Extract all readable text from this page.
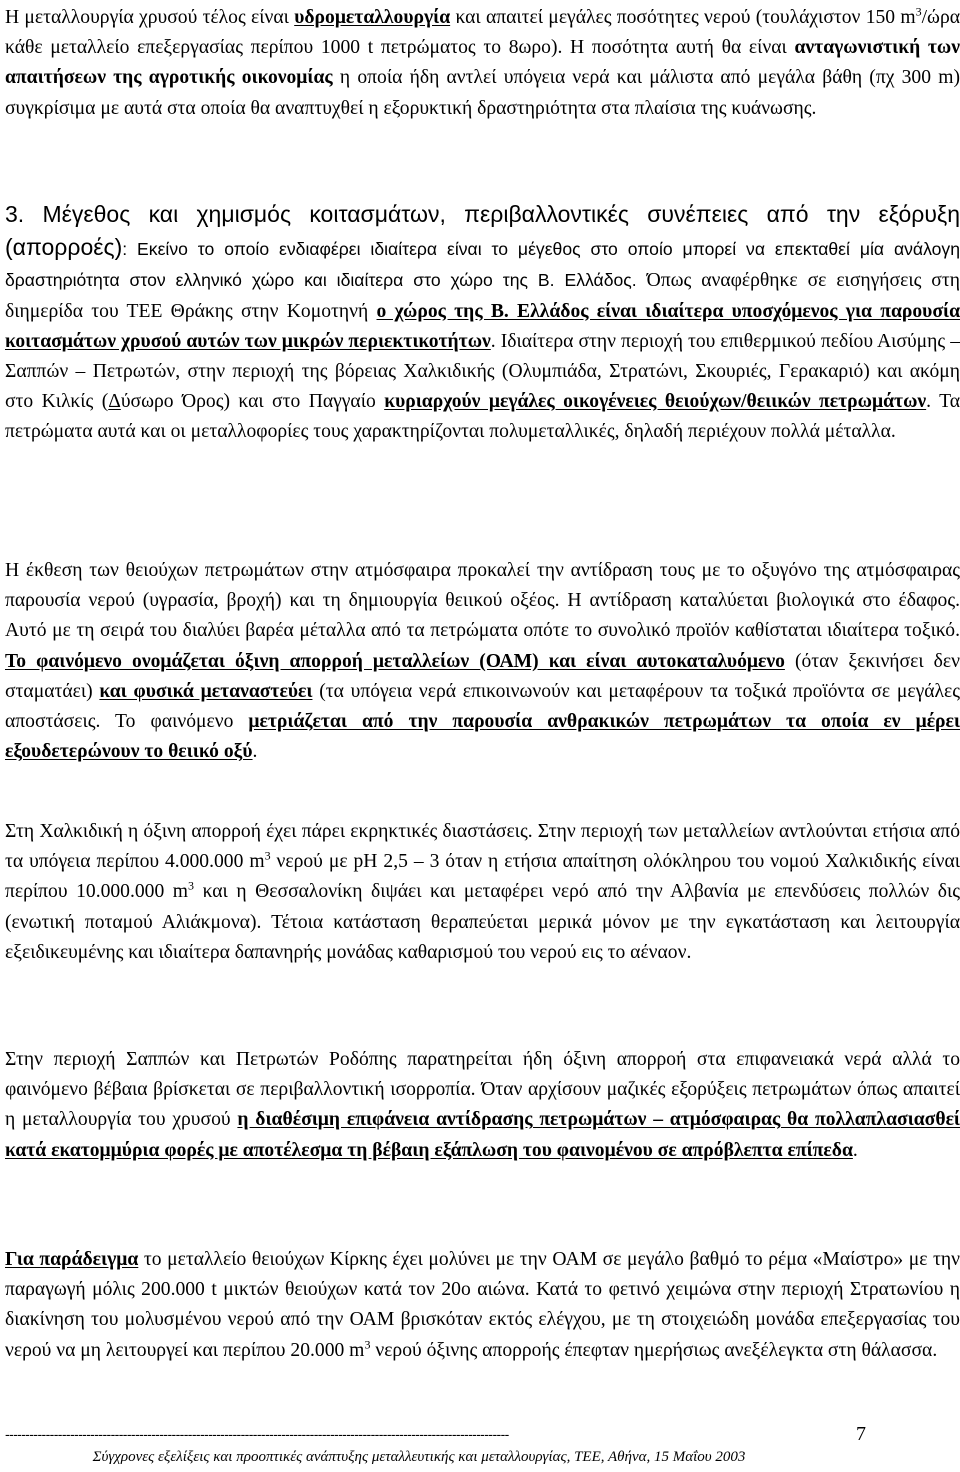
Η μεταλλουργία χρυσού τέλος είναι υδρομεταλλουργία και απαιτεί μεγάλες ποσότητες νερού (τουλάχιστον 150 $m^3$/ώρα κάθε μεταλλείο επεξεργασίας περίπου 1000 t πετρώματος το 8ωρο). Η ποσότητα αυτή θα είναι ανταγωνιστική των απαιτήσεων της αγροτικής οικονομίας η οποία ήδη αντλεί υπόγεια νερά και μάλιστα από μεγάλα βάθη (πχ 300 m) συγκρίσιμα με αυτά στα οποία θα αναπτυχθεί η εξορυκτική δραστηριότητα στα πλαίσια της κυάνωσης.

3. Μέγεθος και χημισμός κοιτασμάτων, περιβαλλοντικές συνέπειες από την εξόρυξη (απορροές): Εκείνο το οποίο ενδιαφέρει ιδιαίτερα είναι το μέγεθος στο οποίο μπορεί να επεκταθεί μία ανάλογη δραστηριότητα στον ελληνικό χώρο και ιδιαίτερα στο χώρο της Β. Ελλάδος. Όπως αναφέρθηκε σε εισηγήσεις στη διημερίδα του ΤΕΕ Θράκης στην Κομοτηνή ο χώρος της Β. Ελλάδος είναι ιδιαίτερα υποσχόμενος για παρουσία κοιτασμάτων χρυσού αυτών των μικρών περιεκτικοτήτων. Ιδιαίτερα στην περιοχή του επιθερμικού πεδίου Αισύμης – Σαππών – Πετρωτών, στην περιοχή της βόρειας Χαλκιδικής (Ολυμπιάδα, Στρατώνι, Σκουριές, Γερακαριό) και ακόμη στο Κιλκίς (Δύσωρο Όρος) και στο Παγγαίο κυριαρχούν μεγάλες οικογένειες θειούχων/θειικών πετρωμάτων. Τα πετρώματα αυτά και οι μεταλλοφορίες τους χαρακτηρίζονται πολυμεταλλικές, δηλαδή περιέχουν πολλά μέταλλα.

Η έκθεση των θειούχων πετρωμάτων στην ατμόσφαιρα προκαλεί την αντίδραση τους με το οξυγόνο της ατμόσφαιρας παρουσία νερού (υγρασία, βροχή) και τη δημιουργία θειικού οξέος. Η αντίδραση καταλύεται βιολογικά στο έδαφος. Αυτό με τη σειρά του διαλύει βαρέα μέταλλα από τα πετρώματα οπότε το συνολικό προϊόν καθίσταται ιδιαίτερα τοξικό. Το φαινόμενο ονομάζεται όξινη απορροή μεταλλείων (ΟΑΜ) και είναι αυτοκαταλυόμενο (όταν ξεκινήσει δεν σταματάει) και φυσικά μεταναστεύει (τα υπόγεια νερά επικοινωνούν και μεταφέρουν τα τοξικά προϊόντα σε μεγάλες αποστάσεις. Το φαινόμενο μετριάζεται από την παρουσία ανθρακικών πετρωμάτων τα οποία εν μέρει εξουδετερώνουν το θειικό οξύ.

Στη Χαλκιδική η όξινη απορροή έχει πάρει εκρηκτικές διαστάσεις. Στην περιοχή των μεταλλείων αντλούνται ετήσια από τα υπόγεια περίπου 4.000.000 $m^3$ νερού με pH 2,5 – 3 όταν η ετήσια απαίτηση ολόκληρου του νομού Χαλκιδικής είναι περίπου 10.000.000 $m^3$ και η Θεσσαλονίκη διψάει και μεταφέρει νερό από την Αλβανία με επενδύσεις πολλών δις (ενωτική ποταμού Αλιάκμονα). Τέτοια κατάσταση θεραπεύεται μερικά μόνον με την εγκατάσταση και λειτουργία εξειδικευμένης και ιδιαίτερα δαπανηρής μονάδας καθαρισμού του νερού εις το αέναον.

Στην περιοχή Σαππών και Πετρωτών Ροδόπης παρατηρείται ήδη όξινη απορροή στα επιφανειακά νερά αλλά το φαινόμενο βέβαια βρίσκεται σε περιβαλλοντική ισορροπία. Όταν αρχίσουν μαζικές εξορύξεις πετρωμάτων όπως απαιτεί η μεταλλουργία του χρυσού η διαθέσιμη επιφάνεια αντίδρασης πετρωμάτων – ατμόσφαιρας θα πολλαπλασιασθεί κατά εκατομμύρια φορές με αποτέλεσμα τη βέβαιη εξάπλωση του φαινομένου σε απρόβλεπτα επίπεδα.

Για παράδειγμα το μεταλλείο θειούχων Κίρκης έχει μολύνει με την ΟΑΜ σε μεγάλο βαθμό το ρέμα «Μαίστρο» με την παραγωγή μόλις 200.000 t μικτών θειούχων κατά τον 20ο αιώνα. Κατά το φετινό χειμώνα στην περιοχή Στρατωνίου η διακίνηση του μολυσμένου νερού από την ΟΑΜ βρισκόταν εκτός ελέγχου, με τη στοιχειώδη μονάδα επεξεργασίας του νερού να μη λειτουργεί και περίπου 20.000 $m^3$ νερού όξινης απορροής έπεφταν ημερήσιως ανεξέλεγκτα στη θάλασσα.

----------------------------------------------------------------------------------------------------------------------------	7
Σύγχρονες εξελίξεις και προοπτικές ανάπτυξης μεταλλευτικής και μεταλλουργίας, ΤΕΕ, Αθήνα, 15 Μαΐου 2003
